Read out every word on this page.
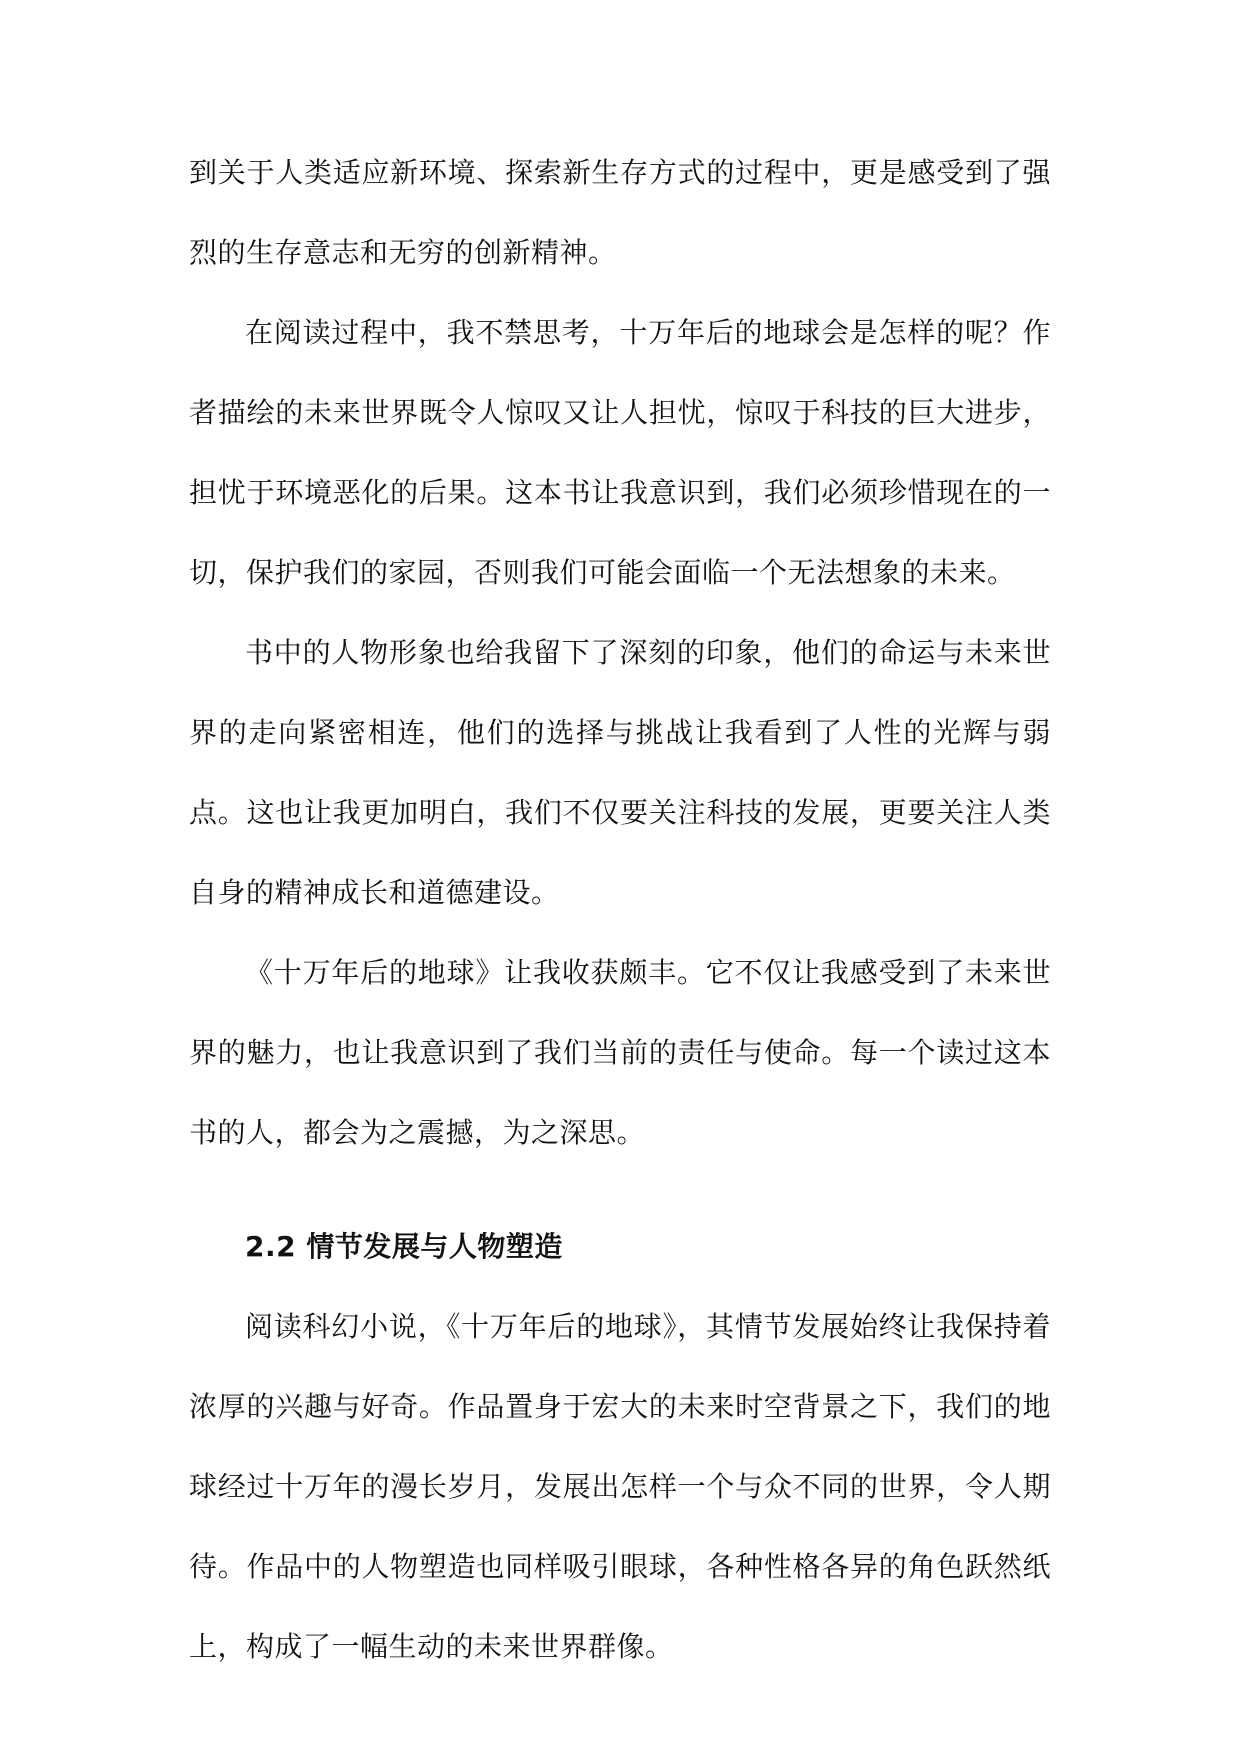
到关于人类适应新环境、探索新生存方式的过程中，更是感受到了强烈的生存意志和无穷的创新精神。

在阅读过程中，我不禁思考，十万年后的地球会是怎样的呢？作者描绘的未来世界既令人惊叹又让人担忧，惊叹于科技的巨大进步，担忧于环境恶化的后果。这本书让我意识到，我们必须珍惜现在的一切，保护我们的家园，否则我们可能会面临一个无法想象的未来。

书中的人物形象也给我留下了深刻的印象，他们的命运与未来世界的走向紧密相连，他们的选择与挑战让我看到了人性的光辉与弱点。这也让我更加明白，我们不仅要关注科技的发展，更要关注人类自身的精神成长和道德建设。

《十万年后的地球》让我收获颇丰。它不仅让我感受到了未来世界的魅力，也让我意识到了我们当前的责任与使命。每一个读过这本书的人，都会为之震撼，为之深思。

2.2 情节发展与人物塑造

阅读科幻小说，《十万年后的地球》，其情节发展始终让我保持着浓厚的兴趣与好奇。作品置身于宏大的未来时空背景之下，我们的地球经过十万年的漫长岁月，发展出怎样一个与众不同的世界，令人期待。作品中的人物塑造也同样吸引眼球，各种性格各异的角色跃然纸上，构成了一幅生动的未来世界群像。
